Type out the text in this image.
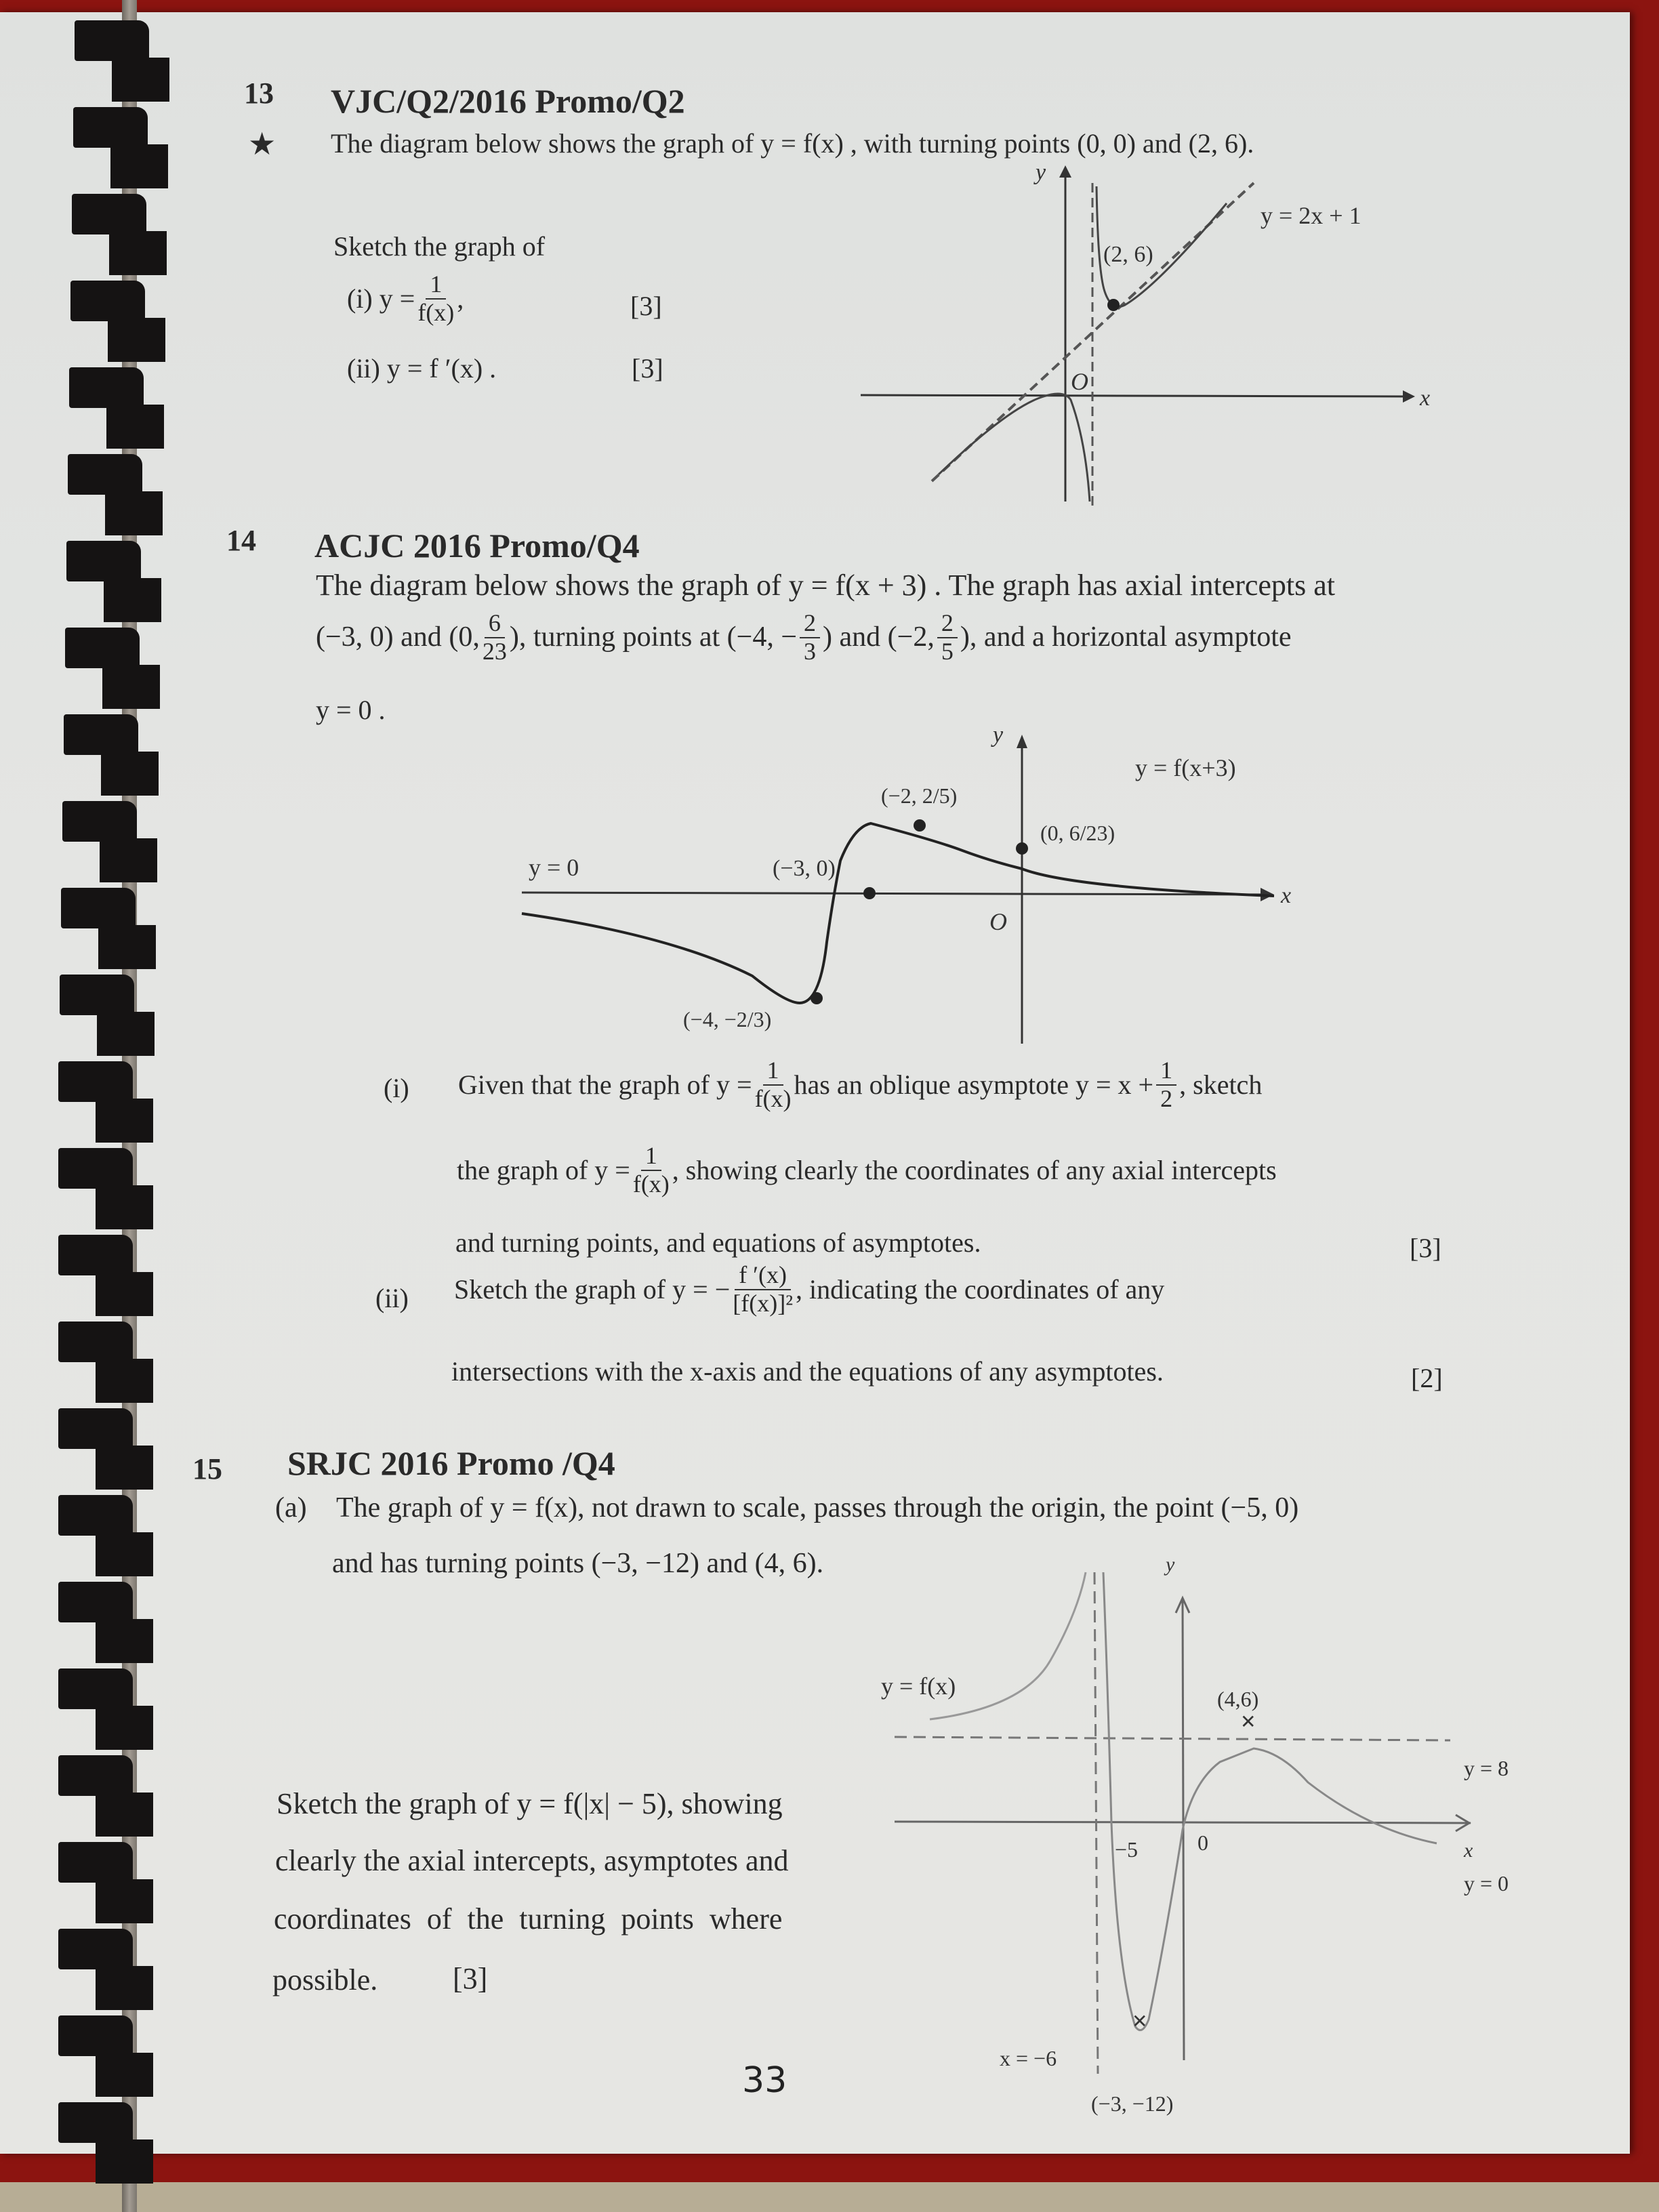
13 VJC/Q2/2016 Promo/Q2
★ The diagram below shows the graph of y = f(x) , with turning points (0, 0) and (2, 6).
Sketch the graph of
(i)
$y = \frac{1}{f(x)}$ ,	[3]
(ii) y = f ′(x) .	[3]
y
x
O
(2, 6)
y = 2x + 1
14 ACJC 2016 Promo/Q4
The diagram below shows the graph of y = f(x + 3) . The graph has axial intercepts at
(−3, 0) and ( 0, $\frac{6}{23}$ ) , turning points at ( −4, − $\frac{2}{3}$ ) and ( −2, $\frac{2}{5}$ ) , and a horizontal asymptote
y = 0 .
y
x
O
y = f(x+3)
y = 0
(−2, 2/5)
(0, 6/23)
(−3, 0)
(−4, −2/3)
(i) Given that the graph of $y = \frac{1}{f(x)}$ has an oblique asymptote $y = x + \frac{1}{2}$ , sketch
the graph of $y = \frac{1}{f(x)}$ , showing clearly the coordinates of any axial intercepts
and turning points, and equations of asymptotes.	[3]
(ii) Sketch the graph of y = − $\frac{f '(x)}{\text{[f(x)]²}}$ , indicating the coordinates of any
intersections with the x-axis and the equations of any asymptotes.	[2]
15 SRJC 2016 Promo /Q4
(a) The graph of y = f(x), not drawn to scale, passes through the origin, the point (−5, 0)
and has turning points (−3, −12) and (4, 6).
Sketch the graph of y = f(|x| − 5), showing
clearly the axial intercepts, asymptotes and
coordinates of the turning points where
possible.	[3]
y
x
0
y = f(x)
y = 8
y = 0
x = −6
−5
(4,6)
(−3, −12)
✕
✕
33
